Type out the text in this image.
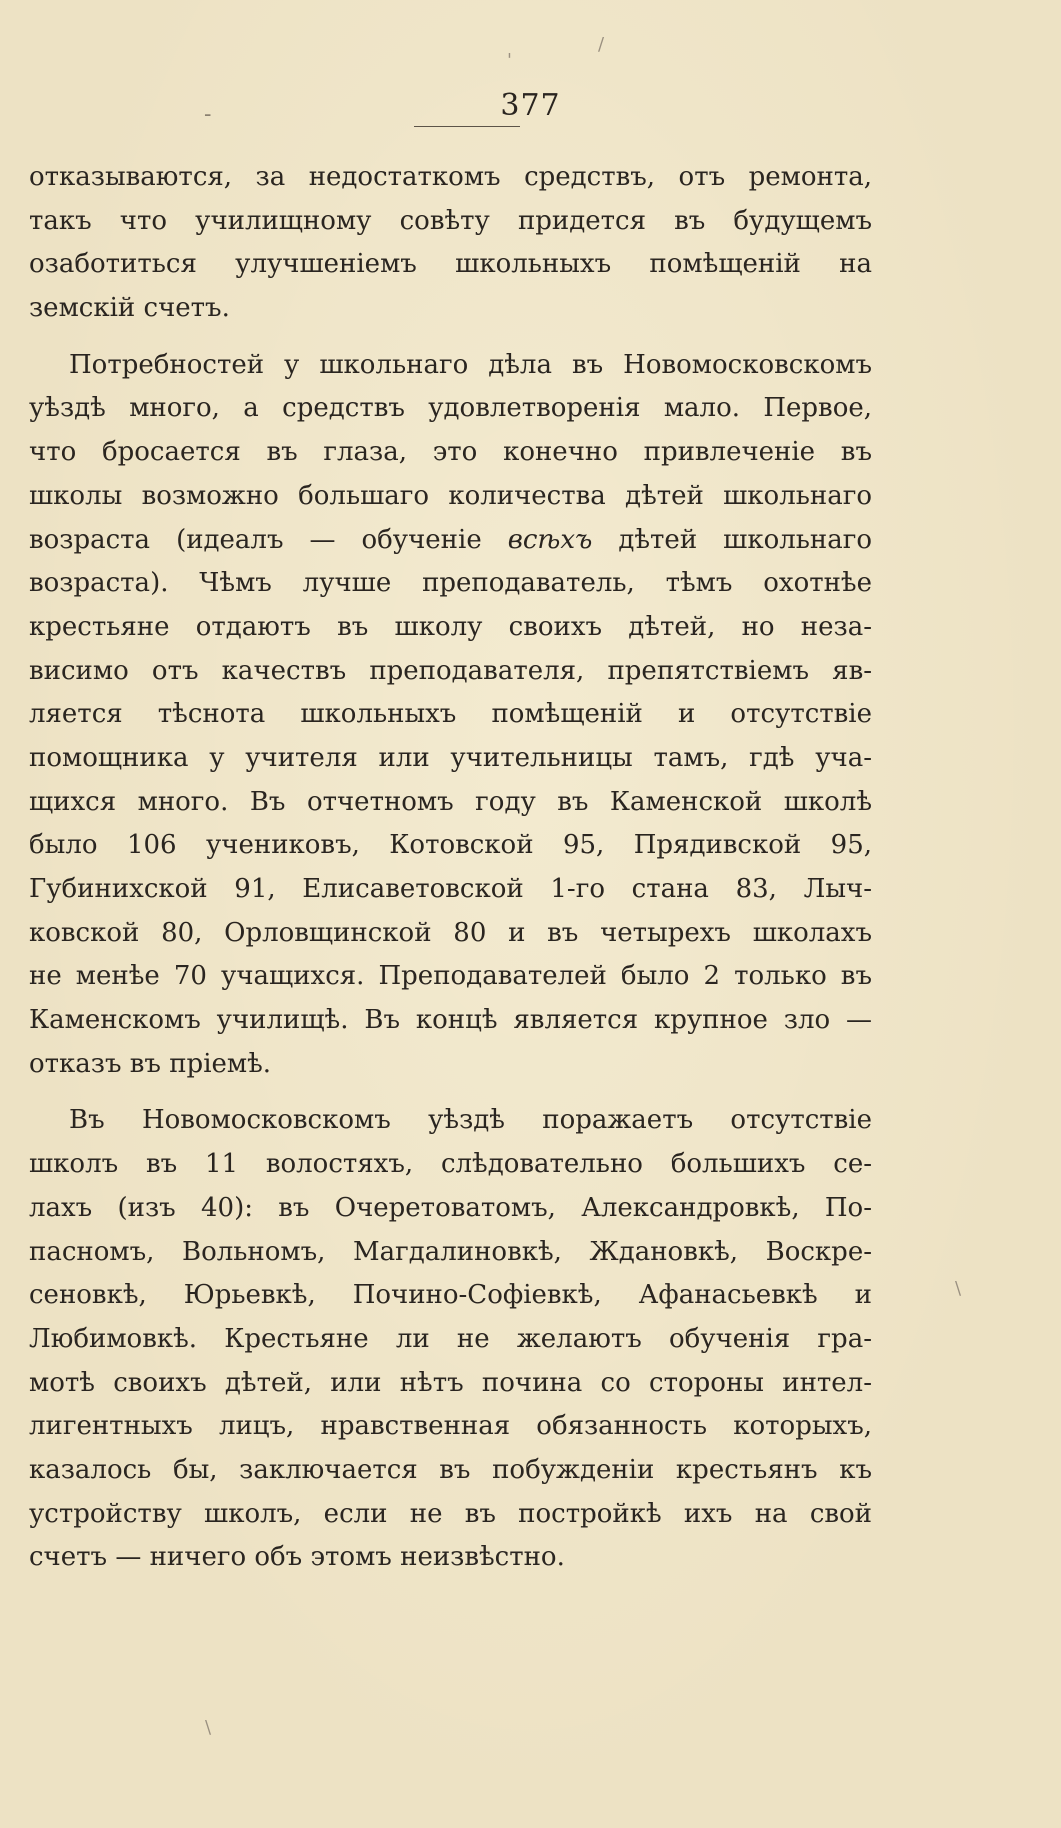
-	377
отказываются, за недостаткомъ средствъ, отъ ремонта,
такъ что училищному совѣту придется въ будущемъ
озаботиться улучшеніемъ школьныхъ помѣщеній на
земскій счетъ.
Потребностей у школьнаго дѣла въ Новомосковскомъ
уѣздѣ много, а средствъ удовлетворенія мало. Первое,
что бросается въ глаза, это конечно привлеченіе въ
школы возможно большаго количества дѣтей школьнаго
возраста (идеалъ — обученіе всѣхъ дѣтей школьнаго
возраста). Чѣмъ лучше преподаватель, тѣмъ охотнѣе
крестьяне отдаютъ въ школу своихъ дѣтей, но неза-
висимо отъ качествъ преподавателя, препятствіемъ яв-
ляется тѣснота школьныхъ помѣщеній и отсутствіе
помощника у учителя или учительницы тамъ, гдѣ уча-
щихся много. Въ отчетномъ году въ Каменской школѣ
было 106 учениковъ, Котовской 95, Прядивской 95,
Губинихской 91, Елисаветовской 1-го стана 83, Лыч-
ковской 80, Орловщинской 80 и въ четырехъ школахъ
не менѣе 70 учащихся. Преподавателей было 2 только въ
Каменскомъ училищѣ. Въ концѣ является крупное зло —
отказъ въ пріемѣ.
Въ Новомосковскомъ уѣздѣ поражаетъ отсутствіе
школъ въ 11 волостяхъ, слѣдовательно большихъ се-
лахъ (изъ 40): въ Очеретоватомъ, Александровкѣ, По-
пасномъ, Вольномъ, Магдалиновкѣ, Ждановкѣ, Воскре-
сеновкѣ, Юрьевкѣ, Почино-Софіевкѣ, Афанасьевкѣ и
Любимовкѣ. Крестьяне ли не желаютъ обученія гра-
мотѣ своихъ дѣтей, или нѣтъ почина со стороны интел-
лигентныхъ лицъ, нравственная обязанность которыхъ,
казалось бы, заключается въ побужденіи крестьянъ къ
устройству школъ, если не въ постройкѣ ихъ на свой
счетъ — ничего объ этомъ неизвѣстно.
/
'
\
\
